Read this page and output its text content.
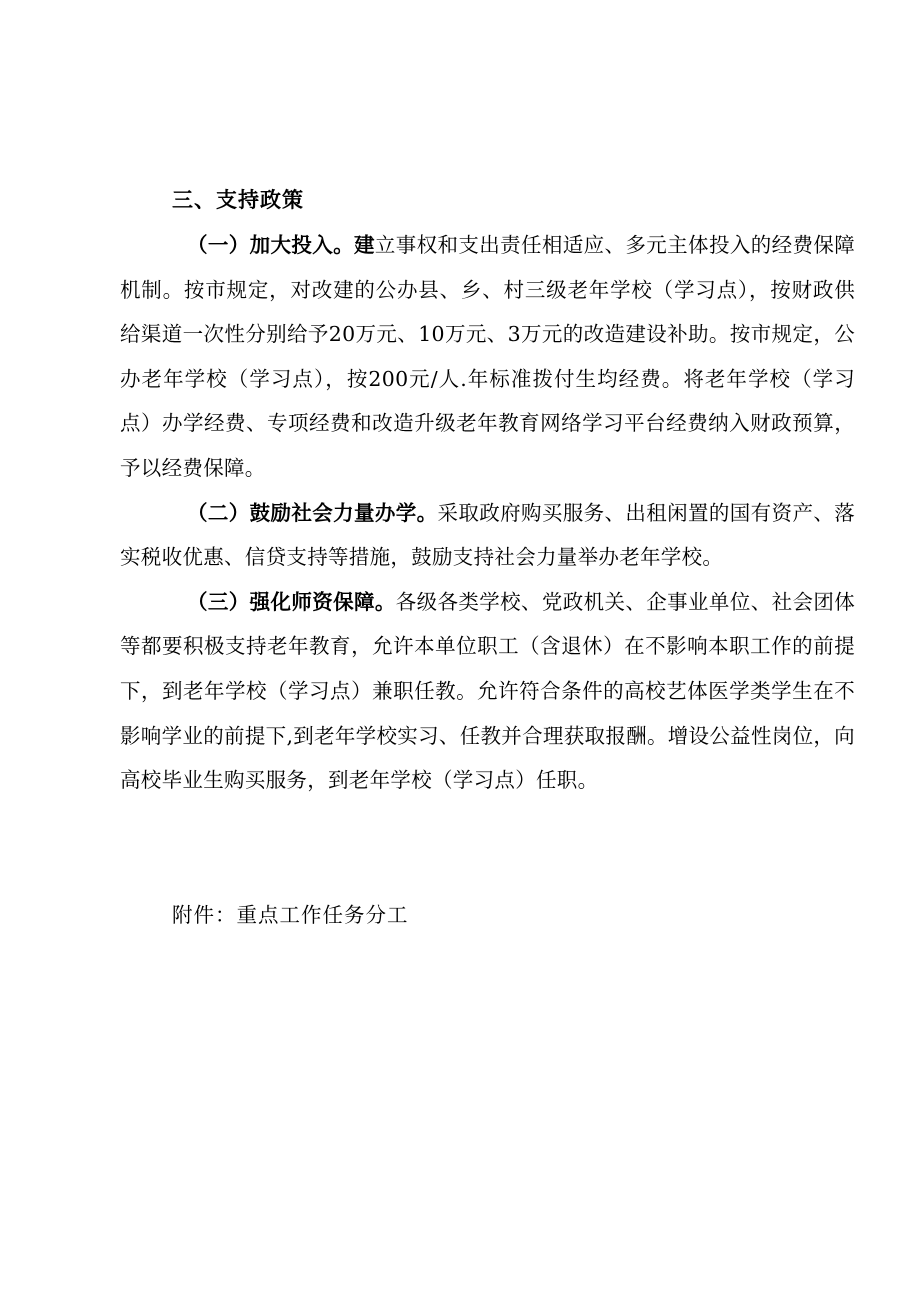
三、支持政策

（一）加大投入。建立事权和支出责任相适应、多元主体投入的经费保障机制。按市规定，对改建的公办县、乡、村三级老年学校（学习点），按财政供给渠道一次性分别给予20万元、10万元、3万元的改造建设补助。按市规定，公办老年学校（学习点），按200元/人.年标准拨付生均经费。将老年学校（学习点）办学经费、专项经费和改造升级老年教育网络学习平台经费纳入财政预算，予以经费保障。

（二）鼓励社会力量办学。采取政府购买服务、出租闲置的国有资产、落实税收优惠、信贷支持等措施，鼓励支持社会力量举办老年学校。

（三）强化师资保障。各级各类学校、党政机关、企事业单位、社会团体等都要积极支持老年教育，允许本单位职工（含退休）在不影响本职工作的前提下，到老年学校（学习点）兼职任教。允许符合条件的高校艺体医学类学生在不影响学业的前提下,到老年学校实习、任教并合理获取报酬。增设公益性岗位，向高校毕业生购买服务，到老年学校（学习点）任职。

附件：重点工作任务分工
